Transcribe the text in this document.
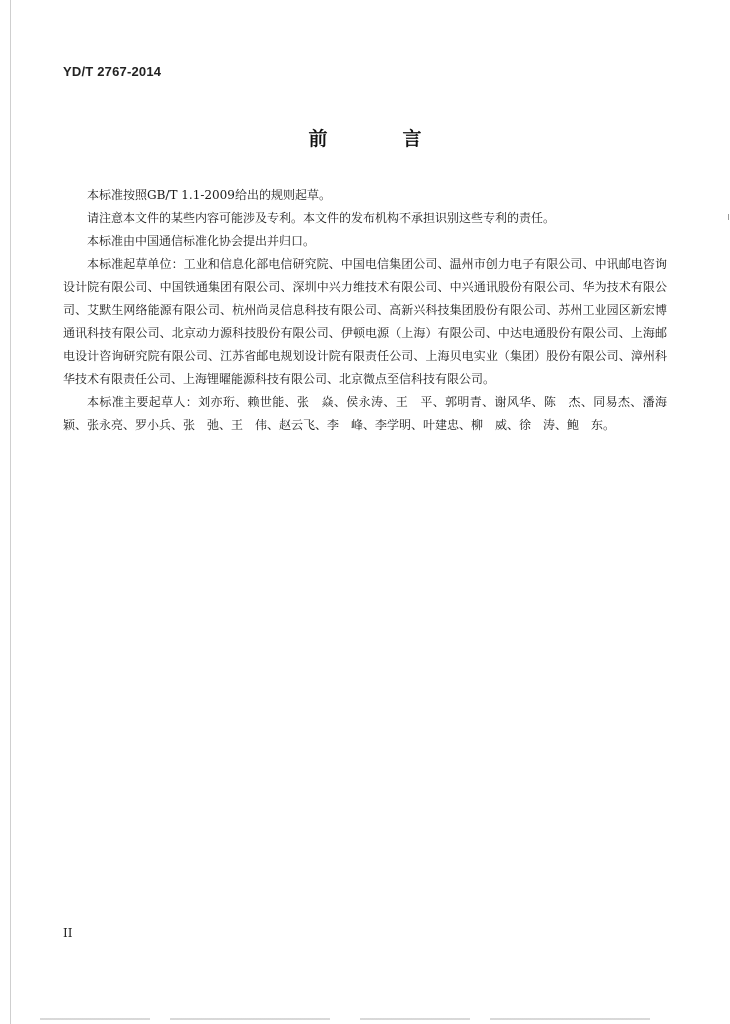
YD/T 2767-2014
前　言

本标准按照GB/T 1.1-2009给出的规则起草。

请注意本文件的某些内容可能涉及专利。本文件的发布机构不承担识别这些专利的责任。

本标准由中国通信标准化协会提出并归口。

本标准起草单位：工业和信息化部电信研究院、中国电信集团公司、温州市创力电子有限公司、中讯邮电咨询设计院有限公司、中国铁通集团有限公司、深圳中兴力维技术有限公司、中兴通讯股份有限公司、华为技术有限公司、艾默生网络能源有限公司、杭州尚灵信息科技有限公司、高新兴科技集团股份有限公司、苏州工业园区新宏博通讯科技有限公司、北京动力源科技股份有限公司、伊顿电源（上海）有限公司、中达电通股份有限公司、上海邮电设计咨询研究院有限公司、江苏省邮电规划设计院有限责任公司、上海贝电实业（集团）股份有限公司、漳州科华技术有限责任公司、上海锂曜能源科技有限公司、北京微点至信科技有限公司。

本标准主要起草人：刘亦珩、赖世能、张　焱、侯永涛、王　平、郭明青、谢风华、陈　杰、同易杰、潘海颖、张永亮、罗小兵、张　弛、王　伟、赵云飞、李　峰、李学明、叶建忠、柳　威、徐　涛、鲍　东。

II
